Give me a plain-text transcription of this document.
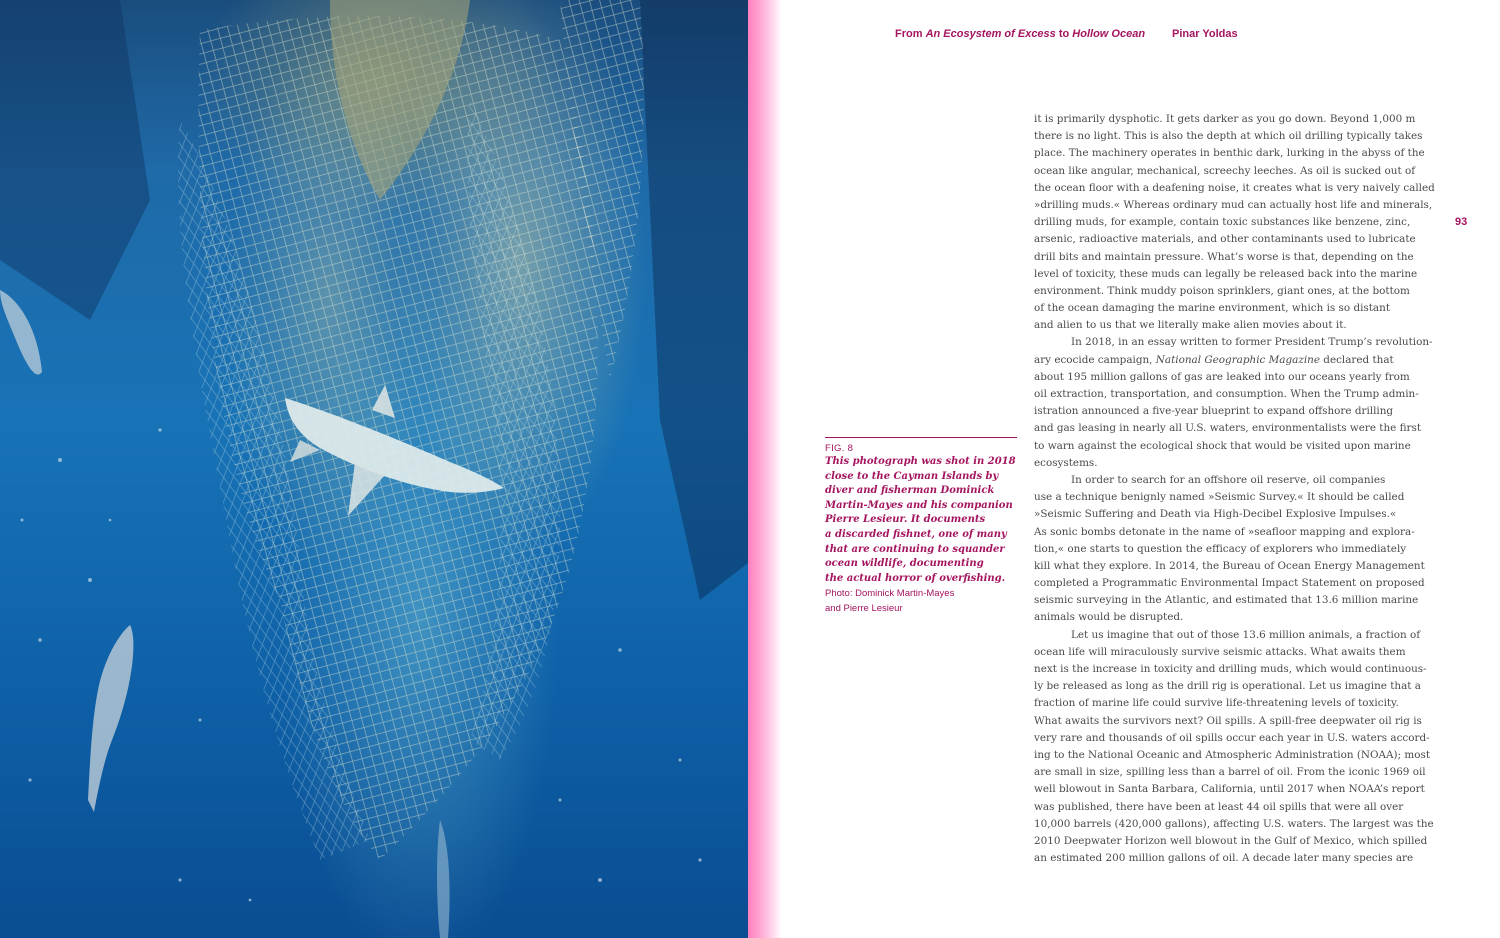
From An Ecosystem of Excess to Hollow Ocean Pinar Yoldas
93
FIG. 8
This photograph was shot in 2018
close to the Cayman Islands by
diver and fisherman Dominick
Martin-Mayes and his companion
Pierre Lesieur. It documents
a discarded fishnet, one of many
that are continuing to squander
ocean wildlife, documenting
the actual horror of overfishing.
Photo: Dominick Martin-Mayes
and Pierre Lesieur
it is primarily dysphotic. It gets darker as you go down. Beyond 1,000 m
there is no light. This is also the depth at which oil drilling typically takes
place. The machinery operates in benthic dark, lurking in the abyss of the
ocean like angular, mechanical, screechy leeches. As oil is sucked out of
the ocean floor with a deafening noise, it creates what is very naively called
»drilling muds.« Whereas ordinary mud can actually host life and minerals,
drilling muds, for example, contain toxic substances like benzene, zinc,
arsenic, radioactive materials, and other contaminants used to lubricate
drill bits and maintain pressure. What’s worse is that, depending on the
level of toxicity, these muds can legally be released back into the marine
environment. Think muddy poison sprinklers, giant ones, at the bottom
of the ocean damaging the marine environment, which is so distant
and alien to us that we literally make alien movies about it.
In 2018, in an essay written to former President Trump’s revolution-
ary ecocide campaign, National Geographic Magazine declared that
about 195 million gallons of gas are leaked into our oceans yearly from
oil extraction, transportation, and consumption. When the Trump admin-
istration announced a five-year blueprint to expand offshore drilling
and gas leasing in nearly all U.S. waters, environmentalists were the first
to warn against the ecological shock that would be visited upon marine
ecosystems.
In order to search for an offshore oil reserve, oil companies
use a technique benignly named »Seismic Survey.« It should be called
»Seismic Suffering and Death via High-Decibel Explosive Impulses.«
As sonic bombs detonate in the name of »seafloor mapping and explora-
tion,« one starts to question the efficacy of explorers who immediately
kill what they explore. In 2014, the Bureau of Ocean Energy Management
completed a Programmatic Environmental Impact Statement on proposed
seismic surveying in the Atlantic, and estimated that 13.6 million marine
animals would be disrupted.
Let us imagine that out of those 13.6 million animals, a fraction of
ocean life will miraculously survive seismic attacks. What awaits them
next is the increase in toxicity and drilling muds, which would continuous-
ly be released as long as the drill rig is operational. Let us imagine that a
fraction of marine life could survive life-threatening levels of toxicity.
What awaits the survivors next? Oil spills. A spill-free deepwater oil rig is
very rare and thousands of oil spills occur each year in U.S. waters accord-
ing to the National Oceanic and Atmospheric Administration (NOAA); most
are small in size, spilling less than a barrel of oil. From the iconic 1969 oil
well blowout in Santa Barbara, California, until 2017 when NOAA’s report
was published, there have been at least 44 oil spills that were all over
10,000 barrels (420,000 gallons), affecting U.S. waters. The largest was the
2010 Deepwater Horizon well blowout in the Gulf of Mexico, which spilled
an estimated 200 million gallons of oil. A decade later many species are
